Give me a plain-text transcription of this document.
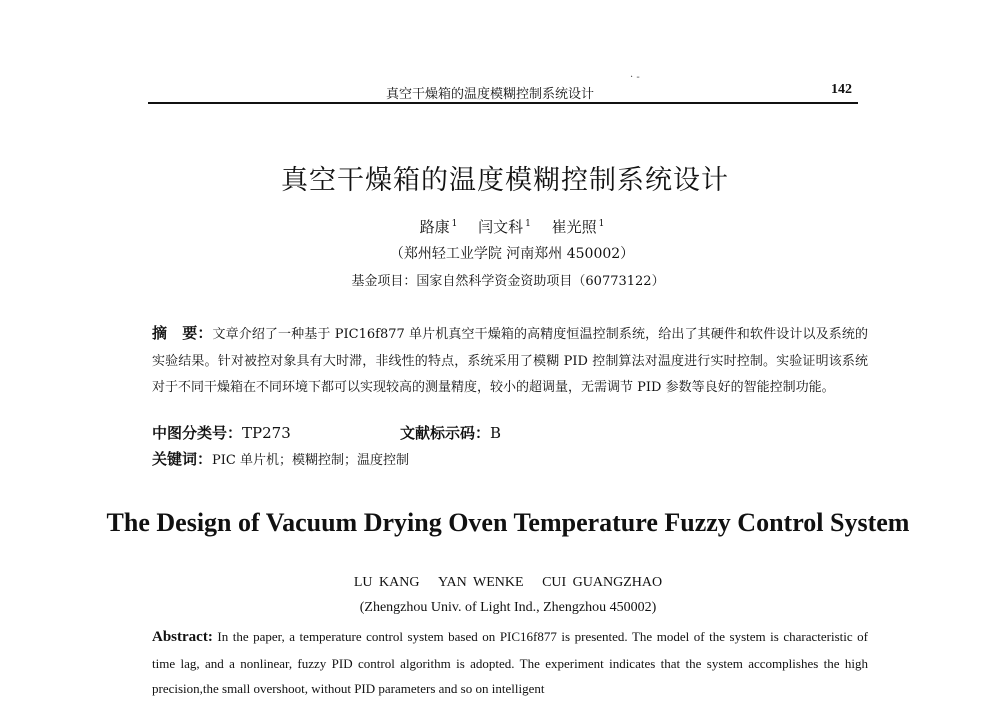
真空干燥箱的温度模糊控制系统设计	142
· ‐
真空干燥箱的温度模糊控制系统设计
路康 $^1$ 闫文科 $^1$ 崔光照 $^1$
（郑州轻工业学院 河南郑州 450002）
基金项目：国家自然科学资金资助项目（60773122）
摘　要：文章介绍了一种基于 PIC16f877 单片机真空干燥箱的高精度恒温控制系统，给出了其硬件和软件设计以及系统的实验结果。针对被控对象具有大时滞，非线性的特点，系统采用了模糊 PID 控制算法对温度进行实时控制。实验证明该系统对于不同干燥箱在不同环境下都可以实现较高的测量精度，较小的超调量，无需调节 PID 参数等良好的智能控制功能。
中图分类号：TP273	文献标示码：B
关键词：PIC 单片机；模糊控制；温度控制
The Design of Vacuum Drying Oven Temperature Fuzzy Control System
LU KANG YAN WENKE CUI GUANGZHAO
(Zhengzhou Univ. of Light Ind., Zhengzhou 450002)
Abstract: In the paper, a temperature control system based on PIC16f877 is presented. The model of the system is characteristic of time lag, and a nonlinear, fuzzy PID control algorithm is adopted. The experiment indicates that the system accomplishes the high precision,the small overshoot, without PID parameters and so on intelligent
